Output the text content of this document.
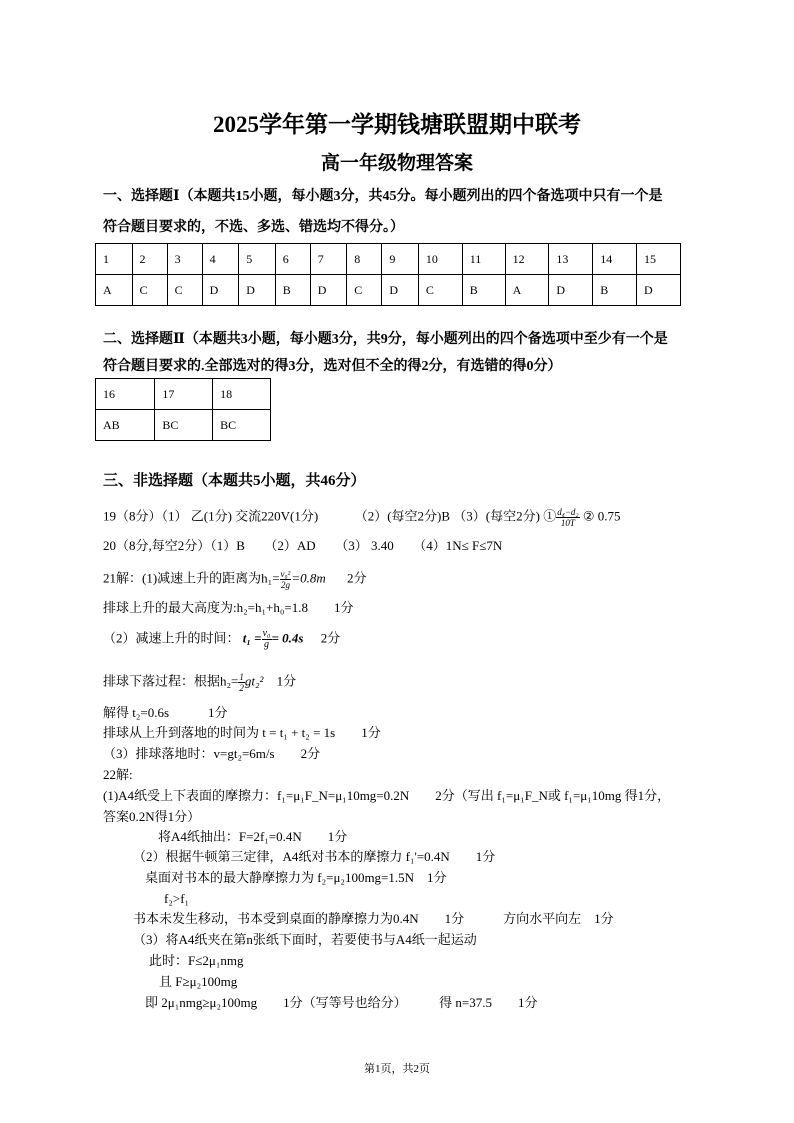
2025学年第一学期钱塘联盟期中联考
高一年级物理答案
一、选择题Ⅰ（本题共15小题，每小题3分，共45分。每小题列出的四个备选项中只有一个是
符合题目要求的，不选、多选、错选均不得分。）
1	2	3	4	5	6	7	8	9	10	11	12	13	14	15
A	C	C	D	D	B	D	C	D	C	B	A	D	B	D
二、选择题Ⅱ（本题共3小题，每小题3分，共9分，每小题列出的四个备选项中至少有一个是
符合题目要求的.全部选对的得3分，选对但不全的得2分，有选错的得0分）
16	17	18
AB	BC	BC
三、非选择题（本题共5小题，共46分）
19（8分）（1） 乙(1分) 交流220V(1分)	（2）(每空2分)B （3）(每空2分) ① $\frac{\text{d₄−d₂}}{10T}$ ② 0.75
20（8分,每空2分）（1）B　　（2）AD　　（3） 3.40　　（4）1N≤ F≤7N
21解：(1)减速上升的距离为$h_1= \frac{\text{v₀²}}{2g} =0.8m$ 2分
排球上升的最大高度为:h₂=h₁+h₀=1.8　　1分
（2）减速上升的时间： $t_1 = \frac{\text{v₀}}{g} = 0.4s$ 2分
排球下落过程：根据$h_2= \frac{1}{2} gt_2^2$ 1分
解得 t₂=0.6s　　　1分
排球从上升到落地的时间为 t = t₁ + t₂ = 1s　　1分
（3）排球落地时：v=gt₂=6m/s　　2分
22解:
(1)A4纸受上下表面的摩擦力：f₁=μ₁F_N=μ₁10mg=0.2N　　2分（写出 f₁=μ₁F_N或 f₁=μ₁10mg 得1分，
答案0.2N得1分）
将A4纸抽出：F=2f₁=0.4N　　1分
（2）根据牛顿第三定律，A4纸对书本的摩擦力 f₁'=0.4N　　1分
桌面对书本的最大静摩擦力为 f₂=μ₂100mg=1.5N　1分
f₂>f₁
书本未发生移动，书本受到桌面的静摩擦力为0.4N　　1分　　　方向水平向左　1分
（3）将A4纸夹在第n张纸下面时，若要使书与A4纸一起运动
此时：F≤2μ₁nmg
且 F≥μ₂100mg
即 2μ₁nmg≥μ₂100mg　　1分（写等号也给分）　　　得 n=37.5　　1分
第1页，共2页
